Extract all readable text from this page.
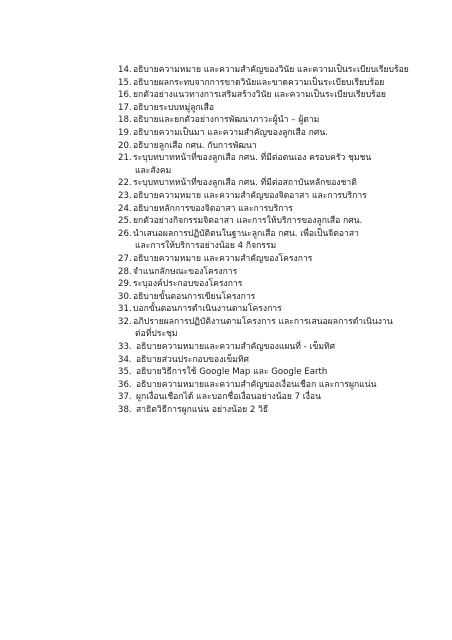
14. อธิบายความหมาย และความสำคัญของวินัย และความเป็นระเบียบเรียบร้อย
15. อธิบายผลกระทบจากการขาดวินัยและขาดความเป็นระเบียบเรียบร้อย
16. ยกตัวอย่างแนวทางการเสริมสร้างวินัย และความเป็นระเบียบเรียบร้อย
17. อธิบายระบบหมู่ลูกเสือ
18. อธิบายและยกตัวอย่างการพัฒนาภาวะผู้นำ – ผู้ตาม
19. อธิบายความเป็นมา และความสำคัญของลูกเสือ กศน.
20. อธิบายลูกเสือ กศน. กับการพัฒนา
21. ระบุบทบาทหน้าที่ของลูกเสือ กศน. ที่มีต่อตนเอง ครอบครัว ชุมชน
และสังคม
22. ระบุบทบาทหน้าที่ของลูกเสือ กศน. ที่มีต่อสถาบันหลักของชาติ
23. อธิบายความหมาย และความสำคัญของจิตอาสา และการบริการ
24. อธิบายหลักการของจิตอาสา และการบริการ
25. ยกตัวอย่างกิจกรรมจิตอาสา และการให้บริการของลูกเสือ กศน.
26. นำเสนอผลการปฏิบัติตนในฐานะลูกเสือ กศน. เพื่อเป็นจิตอาสา
และการให้บริการอย่างน้อย 4 กิจกรรม
27. อธิบายความหมาย และความสำคัญของโครงการ
28. จำแนกลักษณะของโครงการ
29. ระบุองค์ประกอบของโครงการ
30. อธิบายขั้นตอนการเขียนโครงการ
31. บอกขั้นตอนการดำเนินงานตามโครงการ
32. อภิปรายผลการปฏิบัติงานตามโครงการ และการเสนอผลการดำเนินงาน
ต่อที่ประชุม
33. อธิบายความหมายและความสำคัญของแผนที่ - เข็มทิศ
34. อธิบายส่วนประกอบของเข็มทิศ
35. อธิบายวิธีการใช้ Google Map และ Google Earth
36. อธิบายความหมายและความสำคัญของเงื่อนเชือก และการผูกแน่น
37. ผูกเงื่อนเชือกได้ และบอกชื่อเงื่อนอย่างน้อย 7 เงื่อน
38. สาธิตวิธีการผูกแน่น อย่างน้อย 2 วิธี
